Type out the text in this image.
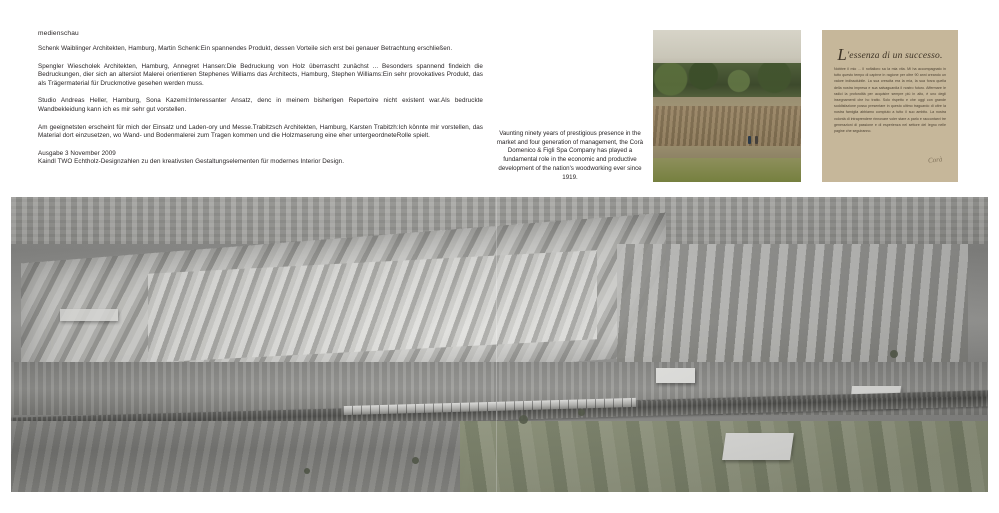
medienschau

Schenk Waiblinger Architekten, Hamburg, Martin Schenk:Ein spannendes Produkt, dessen Vorteile sich erst bei genauer Betrachtung erschließen.

Spengler Wiescholek Architekten, Hamburg, Annegret Hansen:Die Bedruckung von Holz überrascht zunächst ... Besonders spannend findeich die Bedruckungen, dier sich an altersiot Malerei orientieren Stephenes Williams das Architects, Hamburg, Stephen Williams:Ein sehr provokatives Produkt, das als Trägermaterial für Druckmotive gesehen werden muss.

Studio Andreas Heller, Hamburg, Sona Kazemi:Interessanter Ansatz, denc in meinem bisherigen Repertoire nicht existent war.Als bedruckte Wandbekleidung kann ich es mir sehr gut vorstellen.

Am geeignetsten erscheint für mich der Einsatz und Laden-ory und Messe.Trabitzsch Architekten, Hamburg, Karsten Trabitzh:Ich könnte mir vorstellen, das Material dort einzusetzen, wo Wand- und Bodenmalerei zum Tragen kommen und die Holzmaserung eine eher untergeordneteRolle spielt.

Ausgabe 3 November 2009

Kaindl TWO Echtholz-Designzahlen zu den kreativsten Gestaltungselementen für modernes Interior Design.

Vaunting ninety years of prestigious presence in the market and four generation of management, the Corà Domenico & Figli Spa Company has played a fundamental role in the economic and productive development of the nation's woodworking ever since 1919.
L'essenza di un successo.
Nobbre il mio ... Il nofialloro sa la mia vita. Mi ha accompagnato in tutto questo tempo di capirne in ragione per oltre 90 anni creando un valore indissolubile. La sua crescita era la mia, la sua forza quella della nostra impresa e sua salvaguardia il nostro futuro. Affermare le radici la profondità per acquisire sempre più in alto, è uno degli insegnamenti che ho tratto. Solo rispetto e che oggi con grande soddisfazione posso presentare in questo ultimo traguardo di oltre la nostra famiglia abbiamo compiuto a tutto il suo ambito. La nostra volontà di intraprendere rinnovare voler stare a parlo e raccontarvi tre generazioni di passione e di esperienza nel settore del legno nelle pagine che seguiranno.
Corà
